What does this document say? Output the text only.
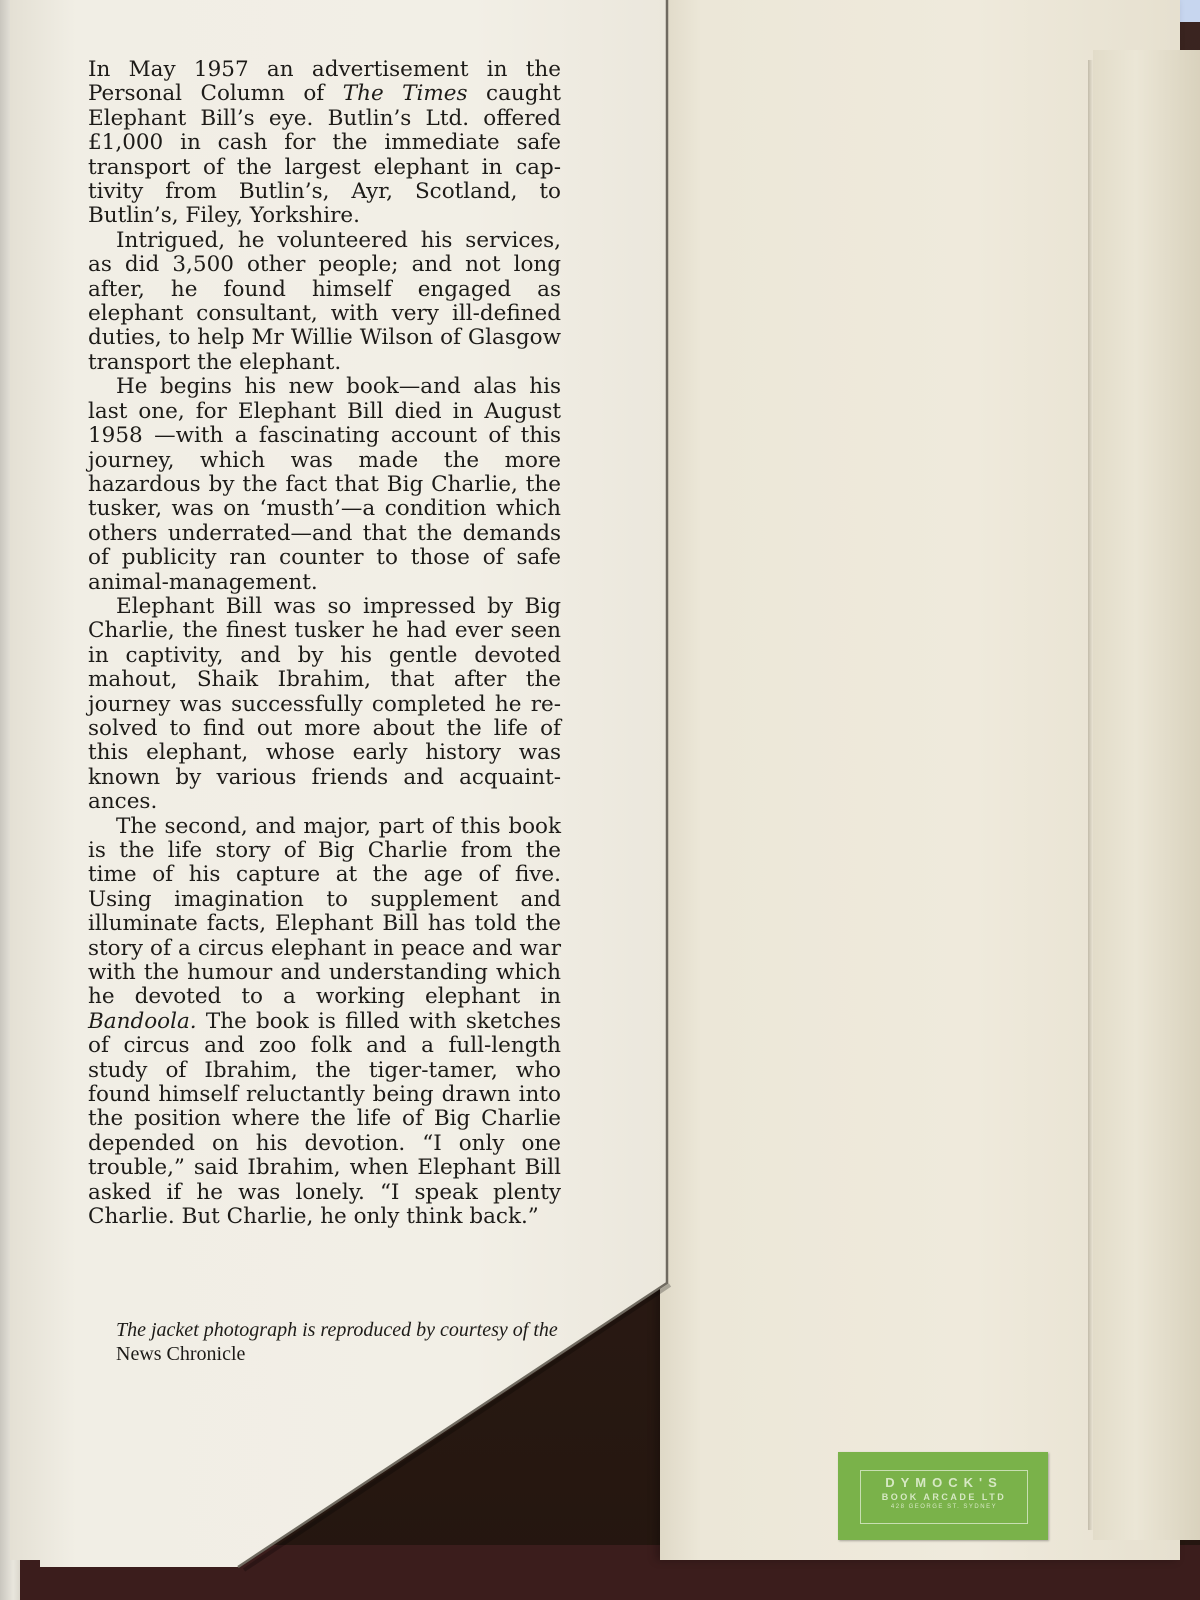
In May 1957 an advertisement in the Personal Column of The Times caught Elephant Bill’s eye. Butlin’s Ltd. offered £1,000 in cash for the immediate safe transport of the largest elephant in captivity from Butlin’s, Ayr, Scotland, to Butlin’s, Filey, Yorkshire.

Intrigued, he volunteered his services, as did 3,500 other people; and not long after, he found himself engaged as elephant consultant, with very ill-defined duties, to help Mr Willie Wilson of Glasgow transport the elephant.

He begins his new book—and alas his last one, for Elephant Bill died in August 1958 —with a fascinating account of this journey, which was made the more hazardous by the fact that Big Charlie, the tusker, was on ‘musth’—a condition which others underrated—and that the demands of publicity ran counter to those of safe animal-management.

Elephant Bill was so impressed by Big Charlie, the finest tusker he had ever seen in captivity, and by his gentle devoted mahout, Shaik Ibrahim, that after the journey was successfully completed he resolved to find out more about the life of this elephant, whose early history was known by various friends and acquaintances.

The second, and major, part of this book is the life story of Big Charlie from the time of his capture at the age of five. Using imagination to supplement and illuminate facts, Elephant Bill has told the story of a circus elephant in peace and war with the humour and understanding which he devoted to a working elephant in Bandoola. The book is filled with sketches of circus and zoo folk and a full-length study of Ibrahim, the tiger-tamer, who found himself reluctantly being drawn into the position where the life of Big Charlie depended on his devotion. “I only one trouble,” said Ibrahim, when Elephant Bill asked if he was lonely. “I speak plenty Charlie. But Charlie, he only think back.”

The jacket photograph is reproduced by courtesy of the News Chronicle
DYMOCK'S
BOOK ARCADE LTD
428 GEORGE ST. SYDNEY
